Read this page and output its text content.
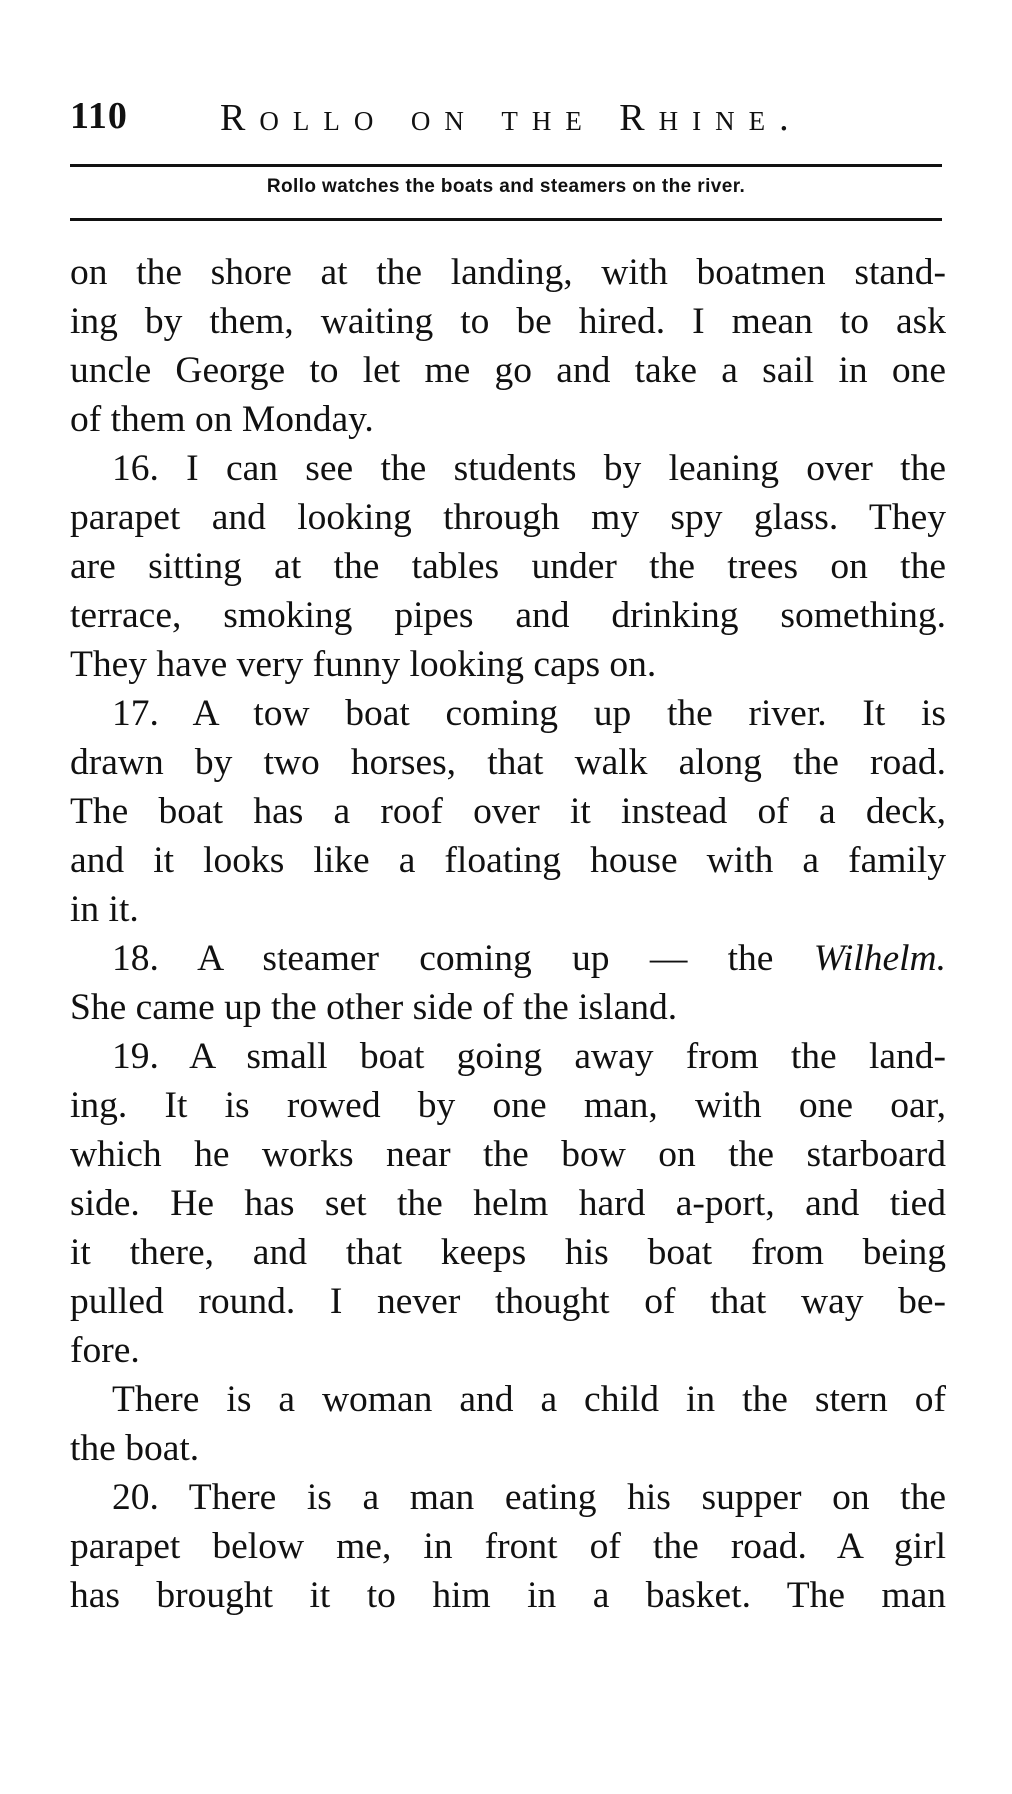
110 Rollo on the Rhine.
Rollo watches the boats and steamers on the river.
on the shore at the landing, with boatmen stand-
ing by them, waiting to be hired. I mean to ask
uncle George to let me go and take a sail in one
of them on Monday.
16. I can see the students by leaning over the
parapet and looking through my spy glass. They
are sitting at the tables under the trees on the
terrace, smoking pipes and drinking something.
They have very funny looking caps on.
17. A tow boat coming up the river. It is
drawn by two horses, that walk along the road.
The boat has a roof over it instead of a deck,
and it looks like a floating house with a family
in it.
18. A steamer coming up — the Wilhelm.
She came up the other side of the island.
19. A small boat going away from the land-
ing. It is rowed by one man, with one oar,
which he works near the bow on the starboard
side. He has set the helm hard a-port, and tied
it there, and that keeps his boat from being
pulled round. I never thought of that way be-
fore.
There is a woman and a child in the stern of
the boat.
20. There is a man eating his supper on the
parapet below me, in front of the road. A girl
has brought it to him in a basket. The man
